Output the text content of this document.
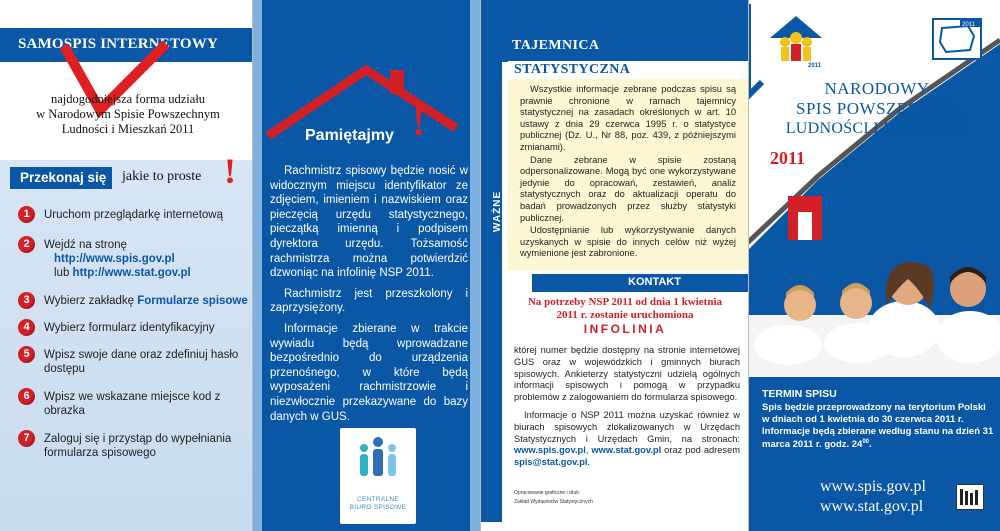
SAMOSPIS INTERNETOWY
najdogodniejsza forma udziału
w Narodowym Spisie Powszechnym
Ludności i Mieszkań 2011
Przekonaj się jakie to proste !
1	Uruchom przeglądarkę internetową
2	Wejdź na stronę
http://www.spis.gov.pl
lub http://www.stat.gov.pl
3	Wybierz zakładkę Formularze spisowe
4	Wybierz formularz identyfikacyjny
5	Wpisz swoje dane oraz zdefiniuj hasło dostępu
6	Wpisz we wskazane miejsce kod z obrazka
7	Zaloguj się i przystąp do wypełniania formularza spisowego
Pamiętajmy !

Rachmistrz spisowy będzie nosić w widocznym miejscu identyfikator ze zdjęciem, imieniem i nazwiskiem oraz pieczęcią urzędu statystycznego, pieczątką imienną i podpisem dyrektora urzędu. Tożsamość rachmistrza można potwierdzić dzwoniąc na infolinię NSP 2011.

Rachmistrz jest przeszkolony i zaprzysiężony.

Informacje zbierane w trakcie wywiadu będą wprowadzane bezpośrednio do urządzenia przenośnego, w które będą wyposażeni rachmistrzowie i niezwłocznie przekazywane do bazy danych w GUS.

CENTRALNE
BIURO SPISOWE
TAJEMNICA
STATYSTYCZNA
WAŻNE

Wszystkie informacje zebrane podczas spisu są prawnie chronione w ramach tajemnicy statystycznej na zasadach określonych w art. 10 ustawy z dnia 29 czerwca 1995 r. o statystyce publicznej (Dz. U., Nr 88, poz. 439, z późniejszymi zmianami).

Dane zebrane w spisie zostaną odpersonalizowane. Mogą być one wykorzystywane jedynie do opracowań, zestawień, analiz statystycznych oraz do aktualizacji operatu do badań prowadzonych przez służby statystyki publicznej.

Udostępnianie lub wykorzystywanie danych uzyskanych w spisie do innych celów niż wyżej wymienione jest zabronione.

KONTAKT
Na potrzeby NSP 2011 od dnia 1 kwietnia
2011 r. zostanie uruchomiona
INFOLINIA

której numer będzie dostępny na stronie internetowej GUS oraz w wojewódzkich i gminnych biurach spisowych. Ankieterzy statystyczni udzielą ogólnych informacji spisowych i pomogą w przypadku problemów z zalogowaniem do formularza spisowego.

Informacje o NSP 2011 można uzyskać również w biurach spisowych zlokalizowanych w Urzędach Statystycznych i Urzędach Gmin, na stronach: www.spis.gov.pl, www.stat.gov.pl oraz pod adresem spis@stat.gov.pl.

Opracowanie graficzne i druk:
Zakład Wydawnictw Statystycznych
2011
2011
NARODOWY
SPIS POWSZECHNY
LUDNOŚCI I MIESZKAŃ
2011
TERMIN SPISU
Spis będzie przeprowadzony na terytorium Polski w dniach od 1 kwietnia do 30 czerwca 2011 r. Informacje będą zbierane według stanu na dzień 31 marca 2011 r. godz. $24^{00}$.
www.spis.gov.pl
www.stat.gov.pl
